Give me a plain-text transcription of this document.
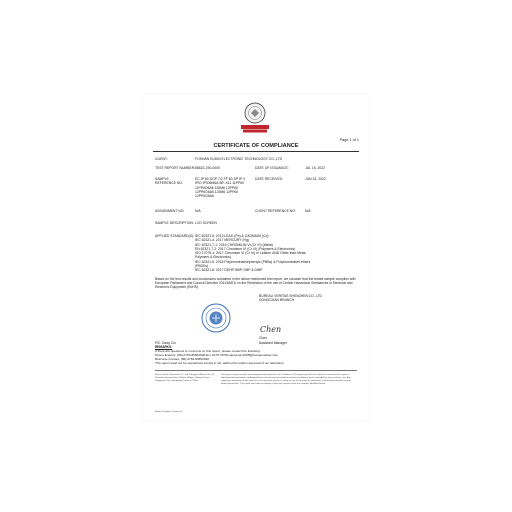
Page 1 of 1
CERTIFICATE OF COMPLIANCE
CLIENT:	FOSHAN KUDIN ELECTRONIC TECHNOLOGY CO.,LTD
TEST REPORT NUMBER: 88622-190-0000	DATE OF ISSUANCE:	JUL 15, 2022
SAMPLE REFERENCE NO:
EC-IP 50-SGP 7/2.TP 60-SP IP X IPIO IPIO6M6A WF-X11 11PP60 11PP6O6A6 126M6 12PP60 12PP6O6A6 126M6 12PP60 12PP6O6A6
DATE RECEIVED:	JUN 24, 2022
ASSIGNMENT NO:	N/A	CLIENT REFERENCE NO:	N/A
SAMPLE DESCRIPTION: LCD SCREEN
APPLIED STANDARD(S): IEC 62321-5: 2013 LEAD (Pb) & CADMIUM (Cd)
IEC 62321-4: 2017 MERCURY (Hg)
IEC 62321-7-1: 2015 CHROMIUM VI (Cr VI) (Metal)
EN 62321-7-2: 2017 Chromium VI (Cr VI) (Polymers & Electronics)
ISO 17075-1: 2017 Chromium VI (Cr VI) in Leather AND Other than Metal, Polymers & Electronics)
IEC 62321-6: 2015 Polybrominated/phenyls (PBBs) & Polybrominated ethers (PBDEs)
IEC 62321-8: 2017 DEHP, BBP, DBP & DIBP
Based on the test results and conclusions contained in the above mentioned test report, we consider that the tested sample complies with European Parliament and Council Directive 2011/65/EU on the Restriction of the use of Certain Hazardous Substances in Electrical and Electronic Equipment (RoHS).
BUREAU VERITAS SHENZHEN CO.,LTD
DONGGUAN BRANCH
Chen
Chen
Assistant Manager
PIC: Daisy Cin
REMARKS:
If there are questions or concerns on this report, please contact the following:
Phone Enquiry: (86)-0769-86852600 Ext. 8175 CPSIInquiryLab.2055@bureauveritas.com
Business Contact: (86)-0769-86852626
This report shall not be reproduced except in full, without the written approval of our laboratory.
Bureau Veritas Shenzhen Co., Ltd. Dongguan Branch No. 34 Chenwu Industrial Zone, Wusha Village, Chang'an Town, Dongguan City, Guangdong Province, China
This report is governed by, and incorporates by reference, the Conditions of Testing as posted at the date of issuance of this report at http://www.bureauveritas.com/home/about-us/our-business/cps/about-us/terms-conditions/ and is intended for your exclusive use. Any copying or replication of this report to or for any other person or entity, or use of our name or trademark, is permitted only with our prior written permission. This report sets forth our findings solely with respect to the test samples identified herein.
Report Template: Version 01
